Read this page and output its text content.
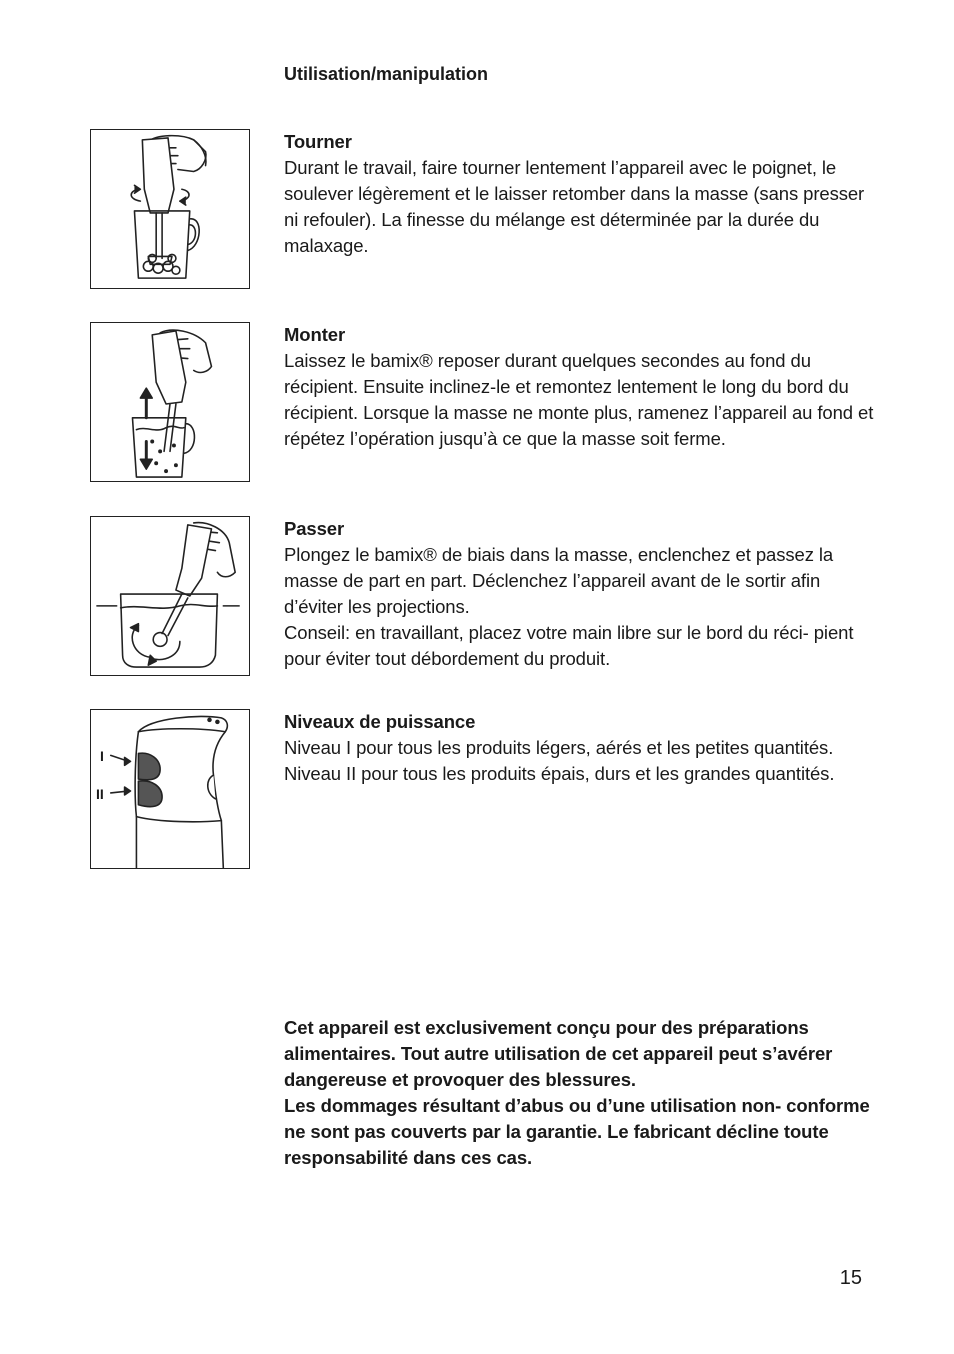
Utilisation/manipulation
Tourner
Durant le travail, faire tourner lentement l’appareil avec le poignet, le soulever légèrement et le laisser retomber dans la masse (sans presser ni refouler). La finesse du mélange est déterminée par la durée du malaxage.
Monter
Laissez le bamix® reposer durant quelques secondes au fond du récipient. Ensuite inclinez-le et remontez lentement le long du bord du récipient. Lorsque la masse ne monte plus, ramenez l’appareil au fond et répétez l’opération jusqu’à ce que la masse soit ferme.
Passer
Plongez le bamix® de biais dans la masse, enclenchez et passez la masse de part en part. Déclenchez l’appareil avant de le sortir afin d’éviter les projections.
Conseil: en travaillant, placez votre main libre sur le bord du réci- pient pour éviter tout débordement du produit.
I
II
Niveaux de puissance
Niveau I pour tous les produits légers, aérés et les petites quantités.
Niveau II pour tous les produits épais, durs et les grandes quantités.
Cet appareil est exclusivement conçu pour des préparations alimentaires. Tout autre utilisation de cet appareil peut s’avérer dangereuse et provoquer des blessures.
Les dommages résultant d’abus ou d’une utilisation non- conforme ne sont pas couverts par la garantie. Le fabricant décline toute responsabilité dans ces cas.
15
